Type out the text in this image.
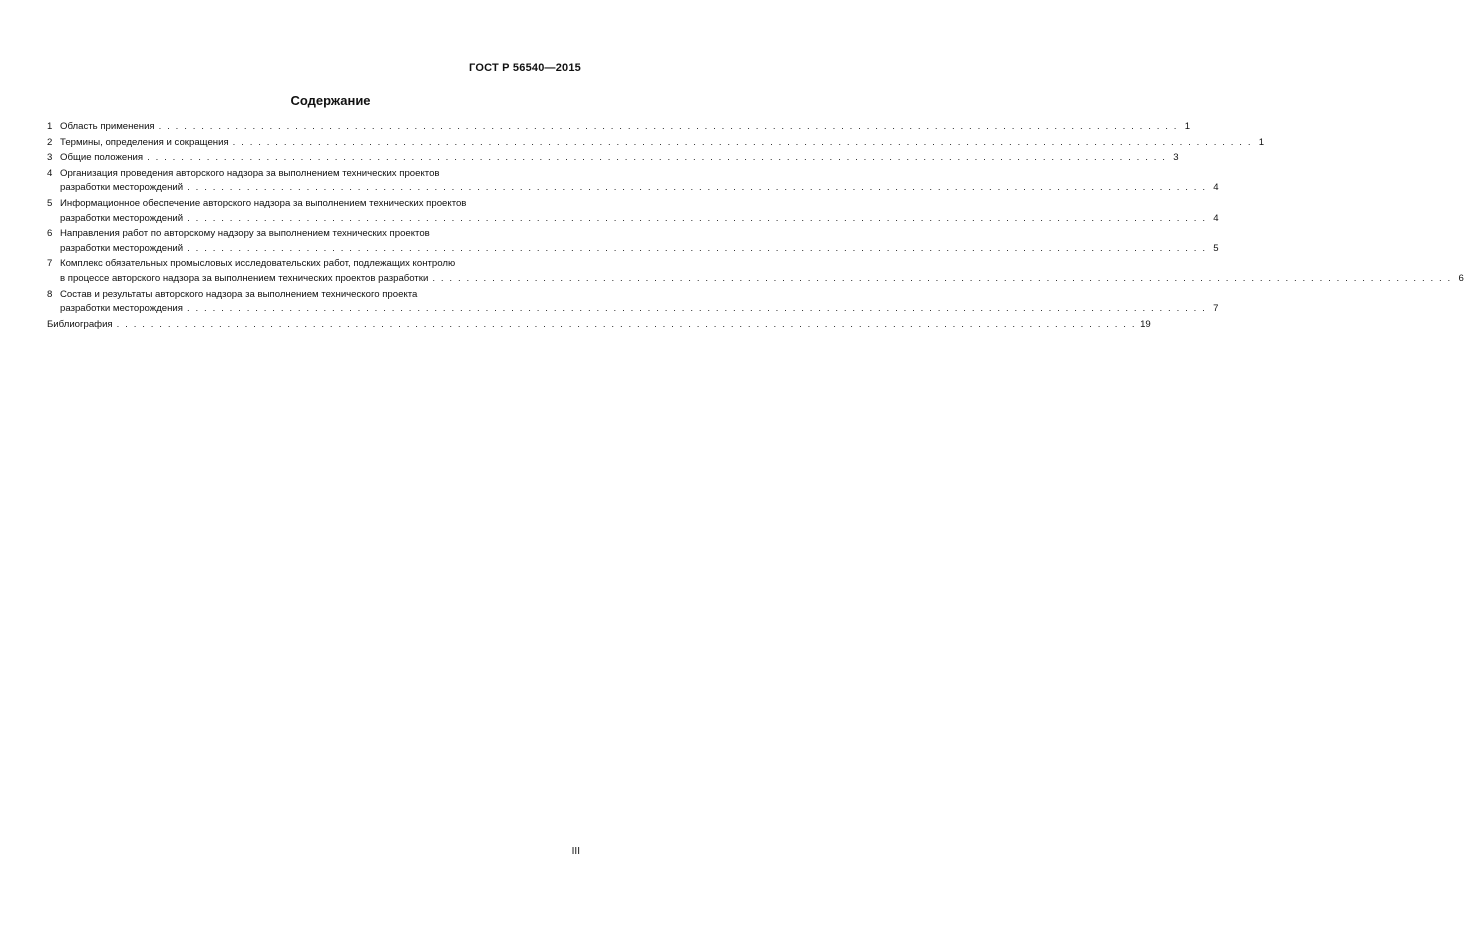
ГОСТ Р 56540—2015
Содержание
1 Область применения . . . . . . . . . . . . . . . . . . . . . . . . . . . . . . . . . . . . . . . . . . . . . . . . . . . . . . . . . . . . . . . . . . . . . . . . . . . . . . . . . . . . . . . . . . . . . . . . . . . . . . . . . . . . . . . . . . . . . . . . 1
2 Термины, определения и сокращения . . . . . . . . . . . . . . . . . . . . . . . . . . . . . . . . . . . . . . . . . . . . . . . . . . . . . . . . . . . . . . . . . . . . . . . . . . . . . . . . . . . . . . . . . . . . . . . . . . . . . . . . . . . . . . . . . . . . . . . . 1
3 Общие положения . . . . . . . . . . . . . . . . . . . . . . . . . . . . . . . . . . . . . . . . . . . . . . . . . . . . . . . . . . . . . . . . . . . . . . . . . . . . . . . . . . . . . . . . . . . . . . . . . . . . . . . . . . . . . . . . . . . . . . . . 3
4 Организация проведения авторского надзора за выполнением технических проектов
разработки месторождений . . . . . . . . . . . . . . . . . . . . . . . . . . . . . . . . . . . . . . . . . . . . . . . . . . . . . . . . . . . . . . . . . . . . . . . . . . . . . . . . . . . . . . . . . . . . . . . . . . . . . . . . . . . . . . . . . . . . . . . . 4
5 Информационное обеспечение авторского надзора за выполнением технических проектов
разработки месторождений . . . . . . . . . . . . . . . . . . . . . . . . . . . . . . . . . . . . . . . . . . . . . . . . . . . . . . . . . . . . . . . . . . . . . . . . . . . . . . . . . . . . . . . . . . . . . . . . . . . . . . . . . . . . . . . . . . . . . . . . 4
6 Направления работ по авторскому надзору за выполнением технических проектов
разработки месторождений . . . . . . . . . . . . . . . . . . . . . . . . . . . . . . . . . . . . . . . . . . . . . . . . . . . . . . . . . . . . . . . . . . . . . . . . . . . . . . . . . . . . . . . . . . . . . . . . . . . . . . . . . . . . . . . . . . . . . . . . 5
7 Комплекс обязательных промысловых исследовательских работ, подлежащих контролю
в процессе авторского надзора за выполнением технических проектов разработки . . . . . . . . . . . . . . . . . . . . . . . . . . . . . . . . . . . . . . . . . . . . . . . . . . . . . . . . . . . . . . . . . . . . . . . . . . . . . . . . . . . . . . . . . . . . . . . . . . . . . . . . . . . . . . . . . . . . . . . . 6
8 Состав и результаты авторского надзора за выполнением технического проекта
разработки месторождения . . . . . . . . . . . . . . . . . . . . . . . . . . . . . . . . . . . . . . . . . . . . . . . . . . . . . . . . . . . . . . . . . . . . . . . . . . . . . . . . . . . . . . . . . . . . . . . . . . . . . . . . . . . . . . . . . . . . . . . . 7
Библиография . . . . . . . . . . . . . . . . . . . . . . . . . . . . . . . . . . . . . . . . . . . . . . . . . . . . . . . . . . . . . . . . . . . . . . . . . . . . . . . . . . . . . . . . . . . . . . . . . . . . . . . . . . . . . . . . . . . . . . . . 19
III
